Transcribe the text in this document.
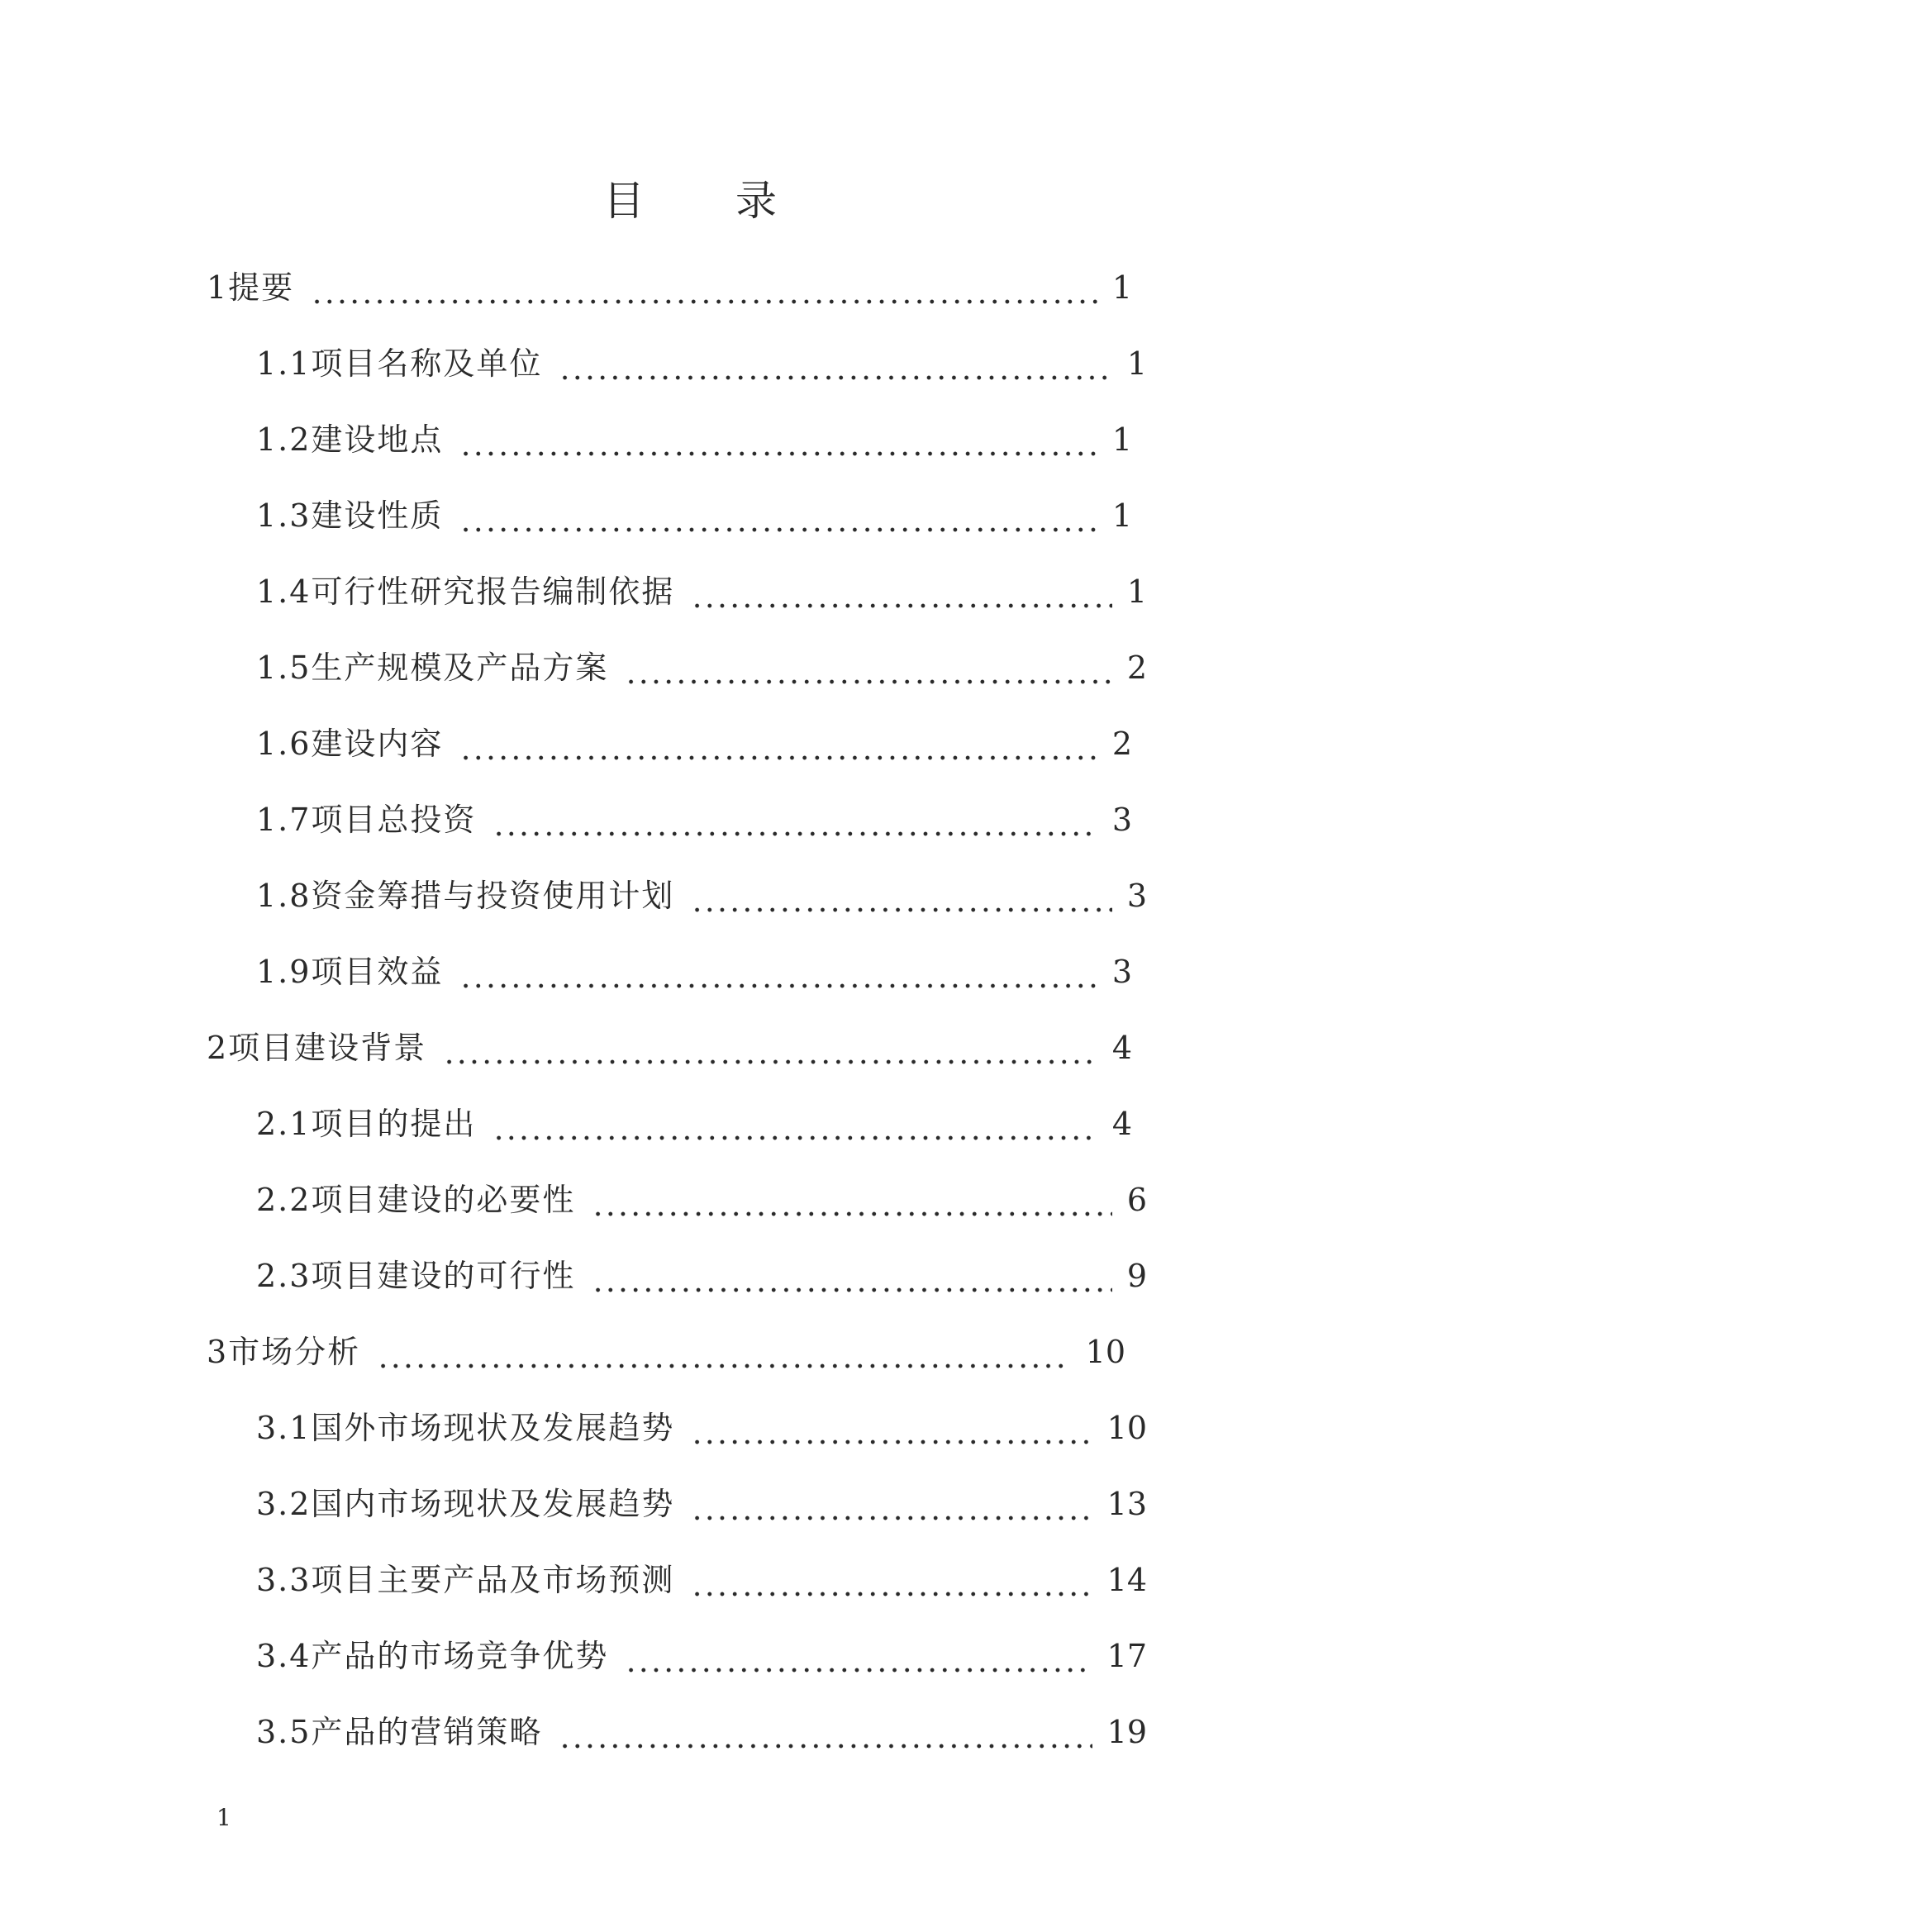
目 录
1提要	1
1.1项目名称及单位	1
1.2建设地点	1
1.3建设性质	1
1.4可行性研究报告编制依据	1
1.5生产规模及产品方案	2
1.6建设内容	2
1.7项目总投资	3
1.8资金筹措与投资使用计划	3
1.9项目效益	3
2项目建设背景	4
2.1项目的提出	4
2.2项目建设的必要性	6
2.3项目建设的可行性	9
3市场分析	10
3.1国外市场现状及发展趋势	10
3.2国内市场现状及发展趋势	13
3.3项目主要产品及市场预测	14
3.4产品的市场竞争优势	17
3.5产品的营销策略	19
1
